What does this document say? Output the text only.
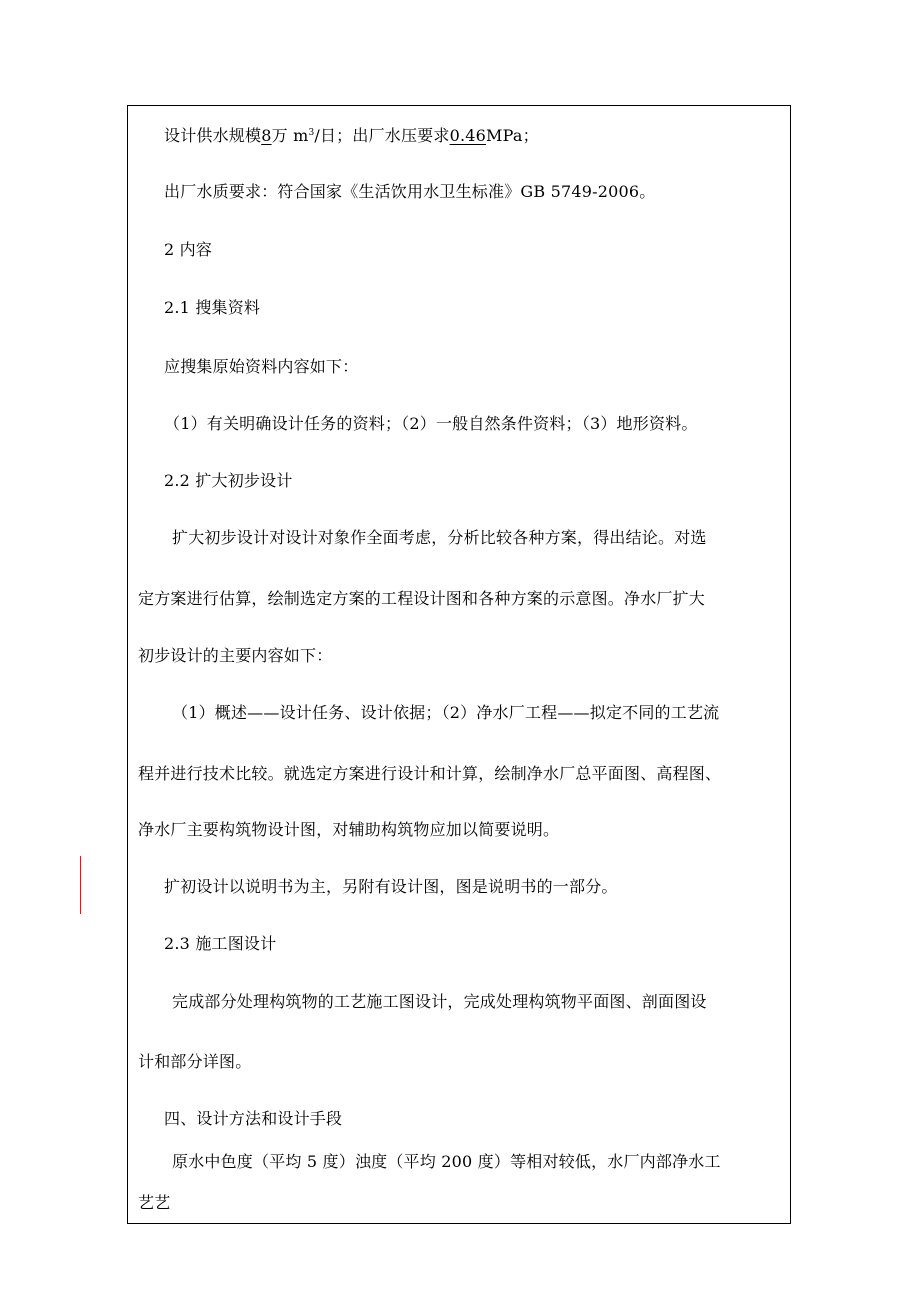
设计供水规模8万 $m^3/$日；出厂水压要求0.46MPa；
出厂水质要求：符合国家《生活饮用水卫生标准》GB 5749-2006。
2 内容
2.1 搜集资料
应搜集原始资料内容如下：
（1）有关明确设计任务的资料；（2）一般自然条件资料；（3）地形资料。
2.2 扩大初步设计
扩大初步设计对设计对象作全面考虑，分析比较各种方案，得出结论。对选
定方案进行估算，绘制选定方案的工程设计图和各种方案的示意图。净水厂扩大
初步设计的主要内容如下：
（1）概述——设计任务、设计依据；（2）净水厂工程——拟定不同的工艺流
程并进行技术比较。就选定方案进行设计和计算，绘制净水厂总平面图、高程图、
净水厂主要构筑物设计图，对辅助构筑物应加以简要说明。
扩初设计以说明书为主，另附有设计图，图是说明书的一部分。
2.3 施工图设计
完成部分处理构筑物的工艺施工图设计，完成处理构筑物平面图、剖面图设
计和部分详图。
四、设计方法和设计手段
原水中色度（平均 5 度）浊度（平均 200 度）等相对较低，水厂内部净水工
艺艺
